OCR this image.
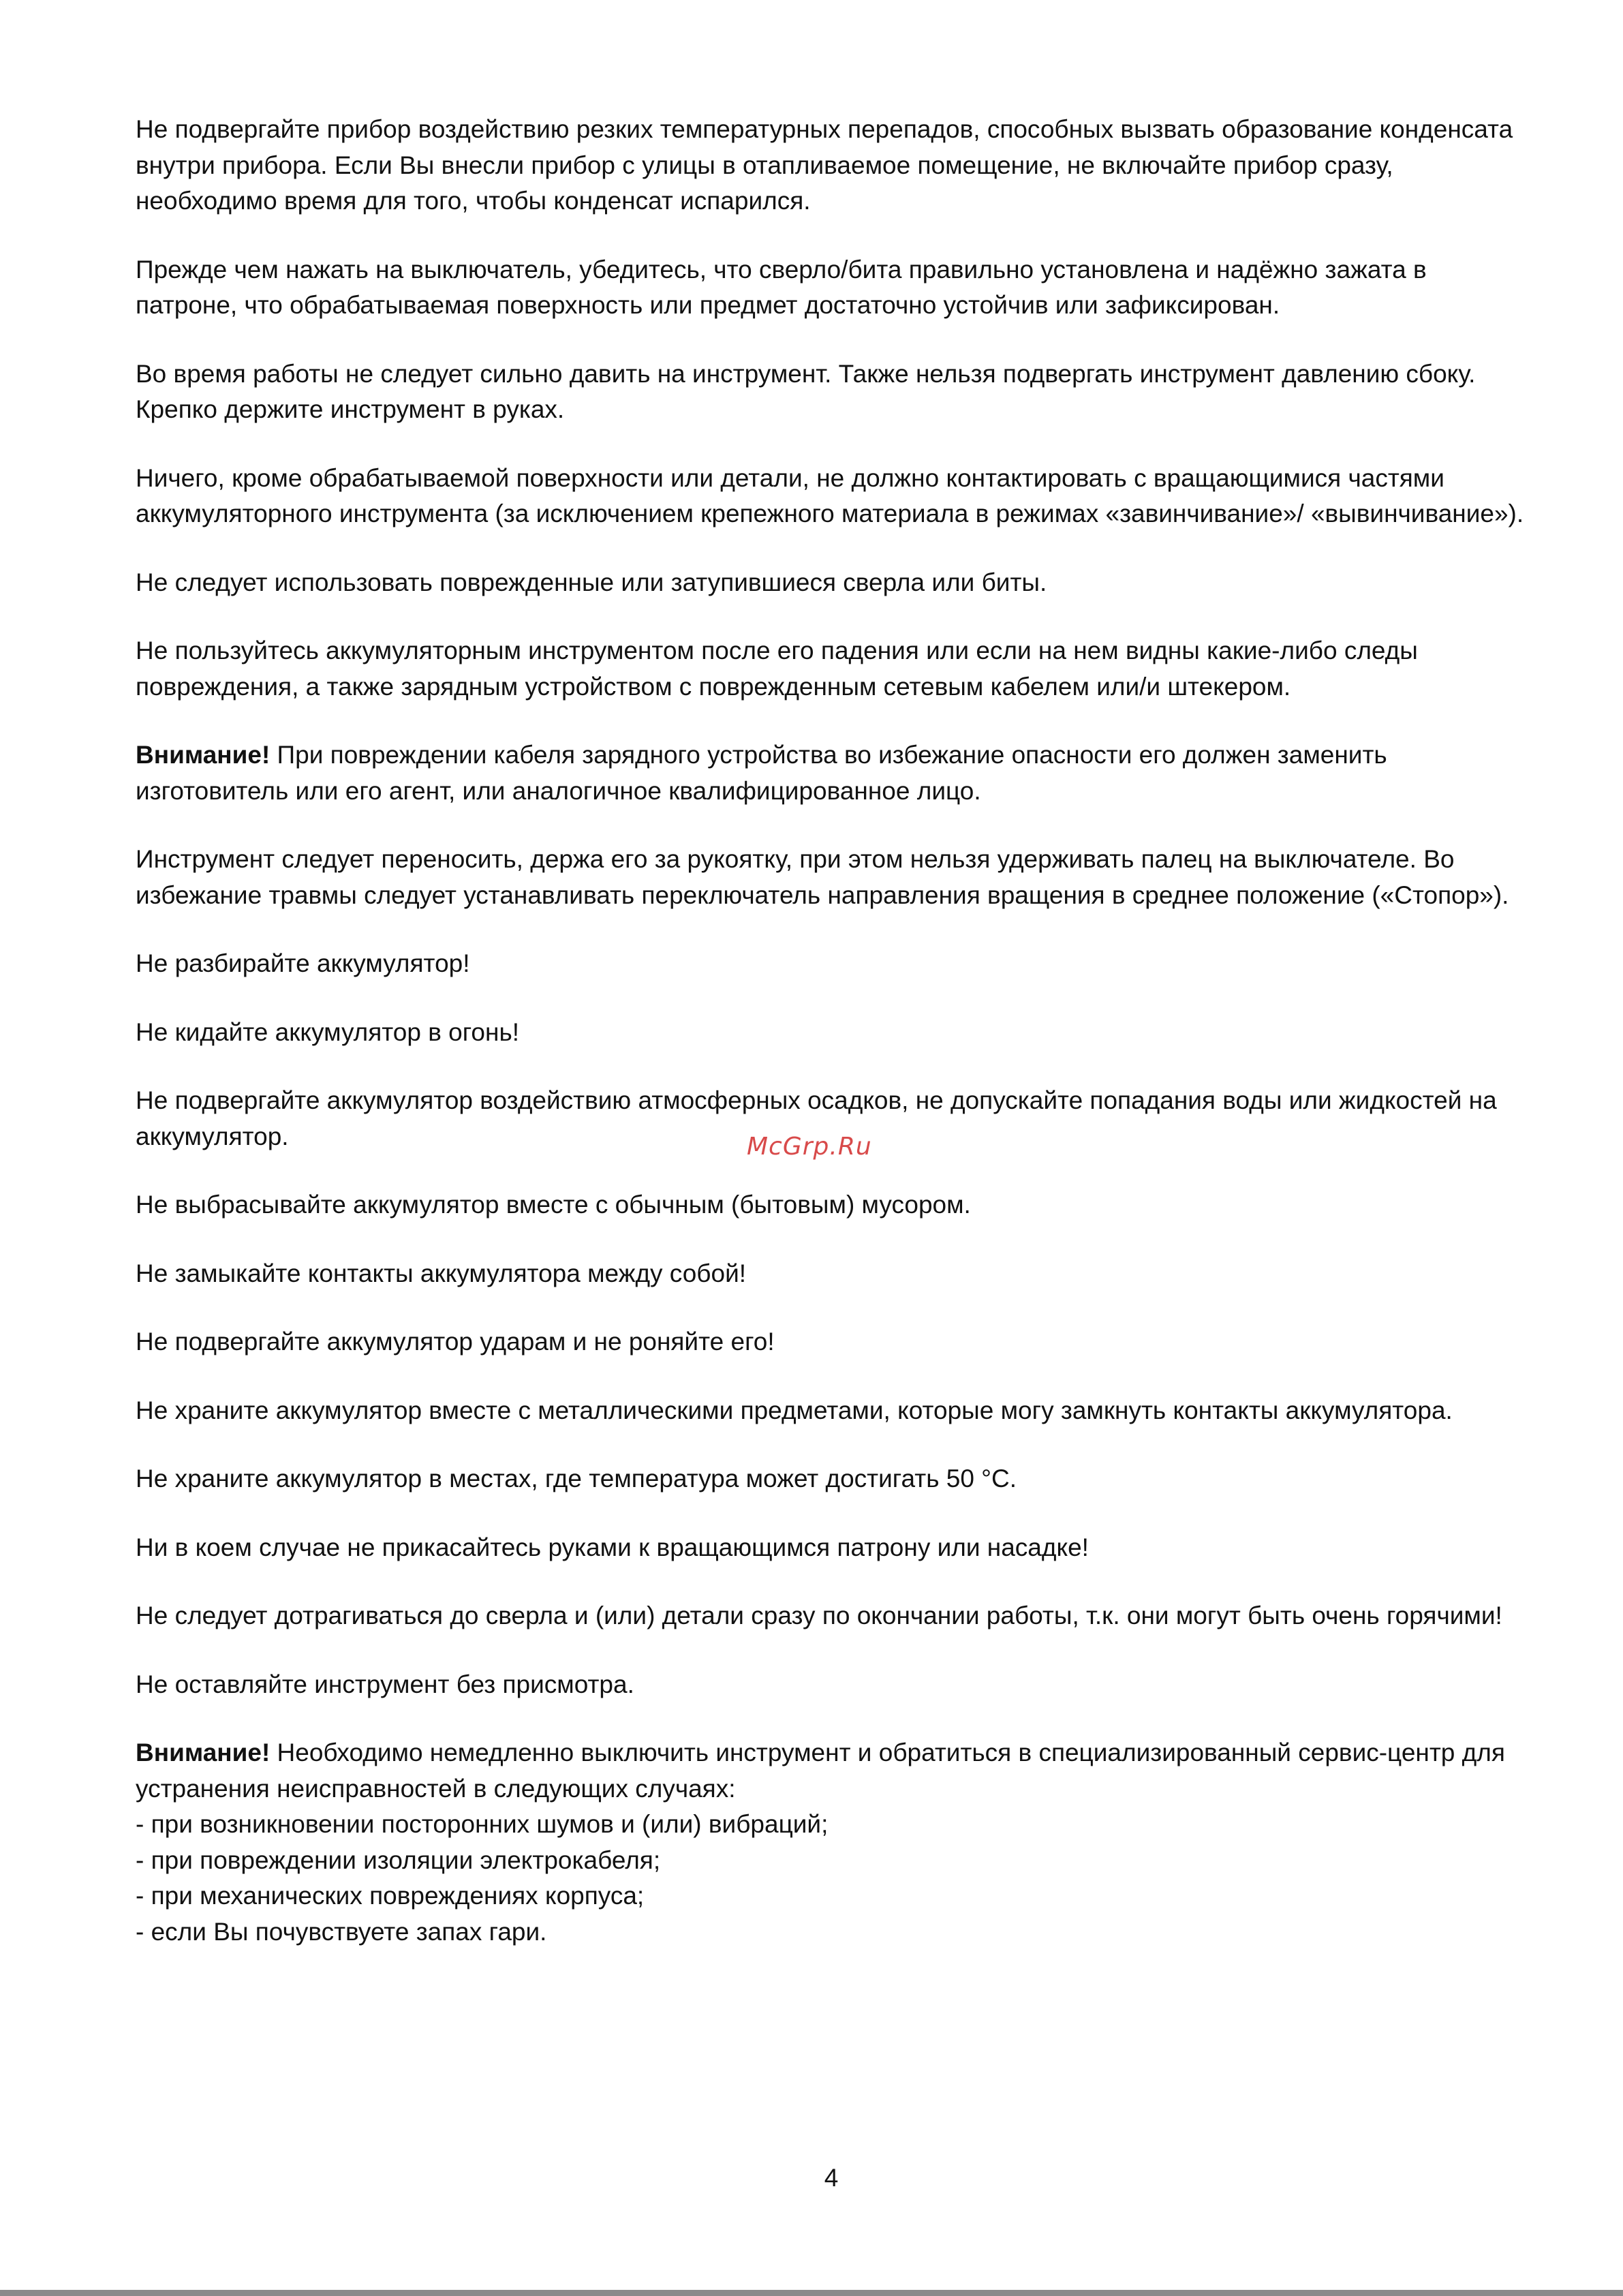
Не подвергайте прибор воздействию резких температурных перепадов, способных вызвать образование конденсата внутри прибора. Если Вы внесли прибор с улицы в отапливаемое помещение, не включайте прибор сразу, необходимо время для того, чтобы конденсат испарился.

Прежде чем нажать на выключатель, убедитесь, что сверло/бита правильно установлена и надёжно зажата в патроне, что обрабатываемая поверхность или предмет достаточно устойчив или зафиксирован.

Во время работы не следует сильно давить на инструмент. Также нельзя подвергать инструмент давлению сбоку. Крепко держите инструмент в руках.

Ничего, кроме обрабатываемой поверхности или детали, не должно контактировать с вращающимися частями аккумуляторного инструмента (за исключением крепежного материала в режимах «завинчивание»/ «вывинчивание»).

Не следует использовать поврежденные или затупившиеся сверла или биты.

Не пользуйтесь аккумуляторным инструментом после его падения или если на нем видны какие-либо следы повреждения, а также зарядным устройством с поврежденным сетевым кабелем или/и штекером.

Внимание! При повреждении кабеля зарядного устройства во избежание опасности его должен заменить изготовитель или его агент, или аналогичное квалифицированное лицо.

Инструмент следует переносить, держа его за рукоятку, при этом нельзя удерживать палец на выключателе. Во избежание травмы следует устанавливать переключатель направления вращения в среднее положение («Стопор»).

Не разбирайте аккумулятор!

Не кидайте аккумулятор в огонь!

Не подвергайте аккумулятор воздействию атмосферных осадков, не допускайте попадания воды или жидкостей на аккумулятор.

Не выбрасывайте аккумулятор вместе с обычным (бытовым) мусором.

Не замыкайте контакты аккумулятора между собой!

Не подвергайте аккумулятор ударам и не роняйте его!

Не храните аккумулятор вместе с металлическими предметами, которые могу замкнуть контакты аккумулятора.

Не храните аккумулятор в местах, где температура может достигать 50 °С.

Ни в коем случае не прикасайтесь руками к вращающимся патрону или насадке!

Не следует дотрагиваться до сверла и (или) детали сразу по окончании работы, т.к. они могут быть очень горячими!

Не оставляйте инструмент без присмотра.

Внимание! Необходимо немедленно выключить инструмент и обратиться в специализированный сервис-центр для устранения неисправностей в следующих случаях:
- при возникновении посторонних шумов и (или) вибраций;
- при повреждении изоляции электрокабеля;
- при механических повреждениях корпуса;
- если Вы почувствуете запах гари.

McGrp.Ru
4
